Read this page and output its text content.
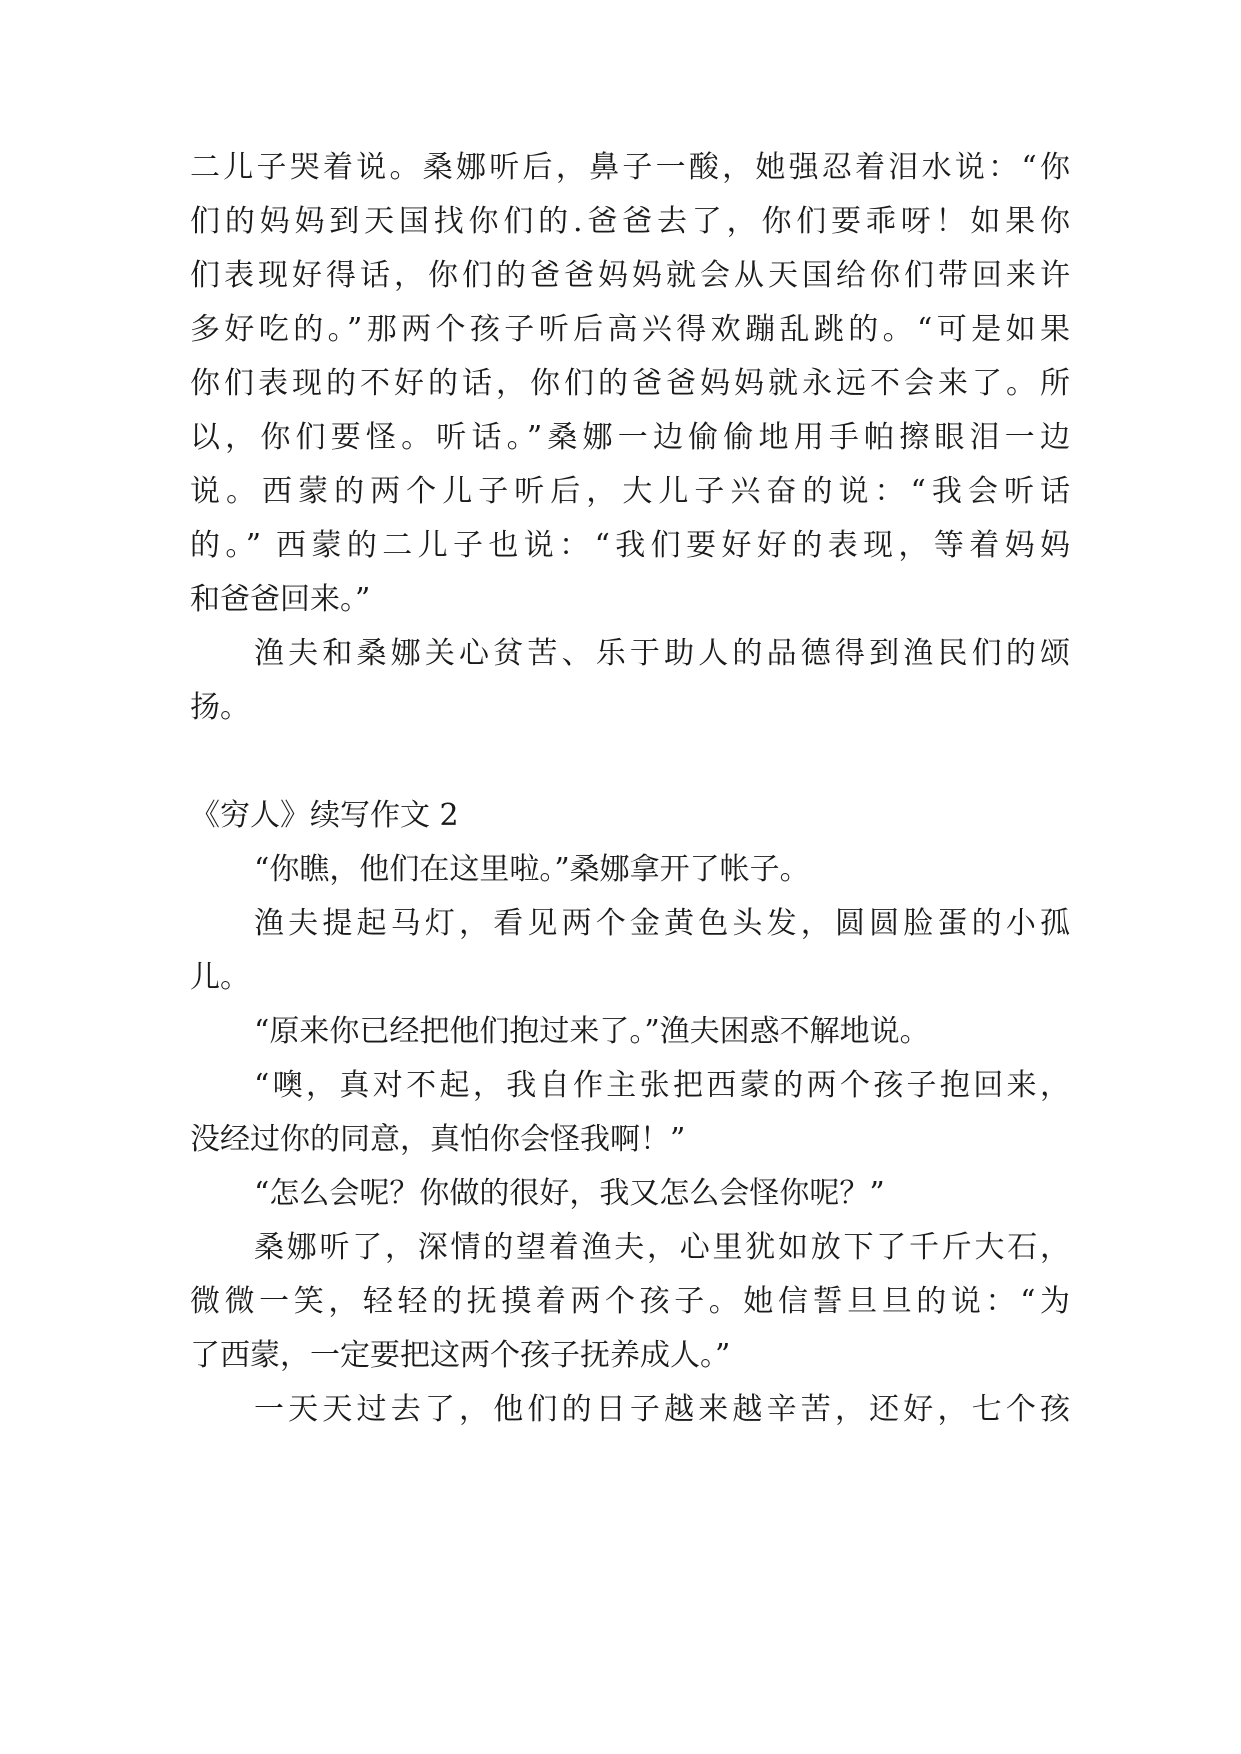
二儿子哭着说。桑娜听后，鼻子一酸，她强忍着泪水说：“你
们的妈妈到天国找你们的.爸爸去了，你们要乖呀！如果你
们表现好得话，你们的爸爸妈妈就会从天国给你们带回来许
多好吃的。”那两个孩子听后高兴得欢蹦乱跳的。“可是如果
你们表现的不好的话，你们的爸爸妈妈就永远不会来了。所
以，你们要怪。听话。”桑娜一边偷偷地用手帕擦眼泪一边
说。西蒙的两个儿子听后，大儿子兴奋的说：“我会听话
的。” 西蒙的二儿子也说：“我们要好好的表现，等着妈妈
和爸爸回来。”
渔夫和桑娜关心贫苦、乐于助人的品德得到渔民们的颂
扬。
《穷人》续写作文 2
“你瞧，他们在这里啦。”桑娜拿开了帐子。
渔夫提起马灯，看见两个金黄色头发，圆圆脸蛋的小孤
儿。
“原来你已经把他们抱过来了。”渔夫困惑不解地说。
“噢，真对不起，我自作主张把西蒙的两个孩子抱回来，
没经过你的同意，真怕你会怪我啊！”
“怎么会呢？你做的很好，我又怎么会怪你呢？”
桑娜听了，深情的望着渔夫，心里犹如放下了千斤大石，
微微一笑，轻轻的抚摸着两个孩子。她信誓旦旦的说：“为
了西蒙，一定要把这两个孩子抚养成人。”
一天天过去了，他们的日子越来越辛苦，还好，七个孩
